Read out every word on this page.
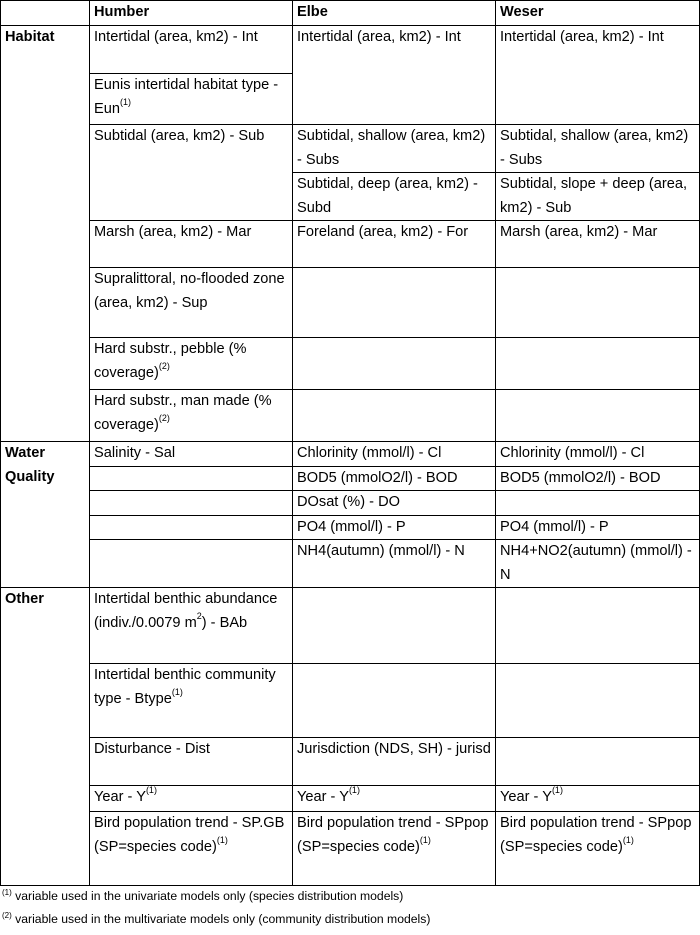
	Humber	Elbe	Weser
Habitat	Intertidal (area, km2) - Int	Intertidal (area, km2) - Int	Intertidal (area, km2) - Int
	Eunis intertidal habitat type - Eun$^{(1)}$
	Subtidal (area, km2) - Sub	Subtidal, shallow (area, km2) - Subs	Subtidal, shallow (area, km2) - Subs
		Subtidal, deep (area, km2) - Subd	Subtidal, slope + deep (area, km2) - Sub
	Marsh (area, km2) - Mar	Foreland (area, km2) - For	Marsh (area, km2) - Mar
	Supralittoral, no-flooded zone (area, km2) - Sup		
	Hard substr., pebble (% coverage)$^{(2)}$		
	Hard substr., man made (% coverage)$^{(2)}$		
Water Quality	Salinity - Sal	Chlorinity (mmol/l) - Cl	Chlorinity (mmol/l) - Cl
		BOD5 (mmolO2/l) - BOD	BOD5 (mmolO2/l) - BOD
		DOsat (%) - DO	
		PO4 (mmol/l) - P	PO4 (mmol/l) - P
		NH4(autumn) (mmol/l) - N	NH4+NO2(autumn) (mmol/l) - N
Other	Intertidal benthic abundance (indiv./0.0079 $m^2$) - BAb		
	Intertidal benthic community type - Btype$^{(1)}$		
	Disturbance - Dist	Jurisdiction (NDS, SH) - jurisd	
	Year - $Y^{(1)}$	Year - $Y^{(1)}$	Year - $Y^{(1)}$
	Bird population trend - SP.GB (SP=species code)$^{(1)}$	Bird population trend - SPpop (SP=species code)$^{(1)}$	Bird population trend - SPpop (SP=species code)$^{(1)}$
$^{(1)}$ variable used in the univariate models only (species distribution models)
$^{(2)}$ variable used in the multivariate models only (community distribution models)
